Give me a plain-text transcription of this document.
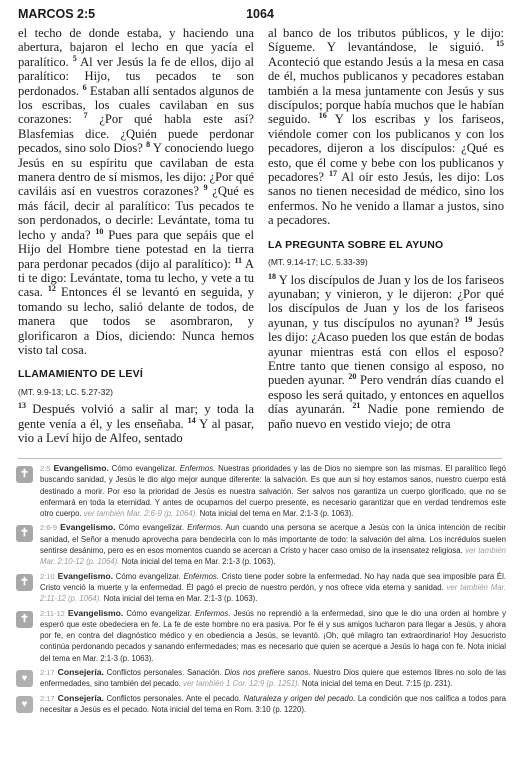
MARCOS 2:5	1064

el techo de donde estaba, y haciendo una abertura, bajaron el lecho en que yacía el paralítico. $^5$ Al ver Jesús la fe de ellos, dijo al paralítico: Hijo, tus pecados te son perdonados. $^6$ Estaban allí sentados algunos de los escribas, los cuales cavilaban en sus corazones: $^7$ ¿Por qué habla este así? Blasfemias dice. ¿Quién puede perdonar pecados, sino solo Dios? $^8$ Y conociendo luego Jesús en su espíritu que cavilaban de esta manera dentro de sí mismos, les dijo: ¿Por qué caviláis así en vuestros corazones? $^9$ ¿Qué es más fácil, decir al paralítico: Tus pecados te son perdonados, o decirle: Levántate, toma tu lecho y anda? $^{10}$ Pues para que sepáis que el Hijo del Hombre tiene potestad en la tierra para perdonar pecados (dijo al paralítico): $^{11}$ A ti te digo: Levántate, toma tu lecho, y vete a tu casa. $^{12}$ Entonces él se levantó en seguida, y tomando su lecho, salió delante de todos, de manera que todos se asombraron, y glorificaron a Dios, diciendo: Nunca hemos visto tal cosa.

LLAMAMIENTO DE LEVÍ
(MT. 9.9-13; LC. 5.27-32)

$^{13}$ Después volvió a salir al mar; y toda la gente venía a él, y les enseñaba. $^{14}$ Y al pasar, vio a Leví hijo de Alfeo, sentado

al banco de los tributos públicos, y le dijo: Sígueme. Y levantándose, le siguió. $^{15}$ Aconteció que estando Jesús a la mesa en casa de él, muchos publicanos y pecadores estaban también a la mesa juntamente con Jesús y sus discípulos; porque había muchos que le habían seguido. $^{16}$ Y los escribas y los fariseos, viéndole comer con los publicanos y con los pecadores, dijeron a los discípulos: ¿Qué es esto, que él come y bebe con los publicanos y pecadores? $^{17}$ Al oír esto Jesús, les dijo: Los sanos no tienen necesidad de médico, sino los enfermos. No he venido a llamar a justos, sino a pecadores.

LA PREGUNTA SOBRE EL AYUNO
(MT. 9.14-17; LC. 5.33-39)

$^{18}$ Y los discípulos de Juan y los de los fariseos ayunaban; y vinieron, y le dijeron: ¿Por qué los discípulos de Juan y los de los fariseos ayunan, y tus discípulos no ayunan? $^{19}$ Jesús les dijo: ¿Acaso pueden los que están de bodas ayunar mientras está con ellos el esposo? Entre tanto que tienen consigo al esposo, no pueden ayunar. $^{20}$ Pero vendrán días cuando el esposo les será quitado, y entonces en aquellos días ayunarán. $^{21}$ Nadie pone remiendo de paño nuevo en vestido viejo; de otra

✝	2:5 Evangelismo. Cómo evangelizar. Enfermos. Nuestras prioridades y las de Dios no siempre son las mismas. El paralítico llegó buscando sanidad, y Jesús le dio algo mejor aunque diferente: la salvación. Es que aun si hoy estamos sanos, nuestro cuerpo está destinado a morir. Por eso la prioridad de Jesús es nuestra salvación. Ser salvos nos garantiza un cuerpo glorificado, que no se enfermará en toda la eternidad. Y antes de ocuparnos del cuerpo presente, es necesario garantizar que en verdad tendremos este otro cuerpo. ver también Mar. 2:6-9 (p. 1064). Nota inicial del tema en Mar. 2:1-3 (p. 1063).
✝	2:6-9 Evangelismo. Cómo evangelizar. Enfermos. Aun cuando una persona se acerque a Jesús con la única intención de recibir sanidad, el Señor a menudo aprovecha para bendecirla con lo más importante de todo: la salvación del alma. Los incrédulos suelen sentirse desánimo, pero es en esos momentos cuando se acercan a Cristo y hacer caso omiso de la insensatez religiosa. ver también Mar. 2:10-12 (p. 1064). Nota inicial del tema en Mar. 2:1-3 (p. 1063).
✝	2:10 Evangelismo. Cómo evangelizar. Enfermos. Cristo tiene poder sobre la enfermedad. No hay nada que sea imposible para Él. Cristo venció la muerte y la enfermedad. Él pagó el precio de nuestro perdón, y nos ofrece vida eterna y sanidad. ver también Mar. 2:11-12 (p. 1064). Nota inicial del tema en Mar. 2:1-3 (p. 1063).
✝	2:11-12 Evangelismo. Cómo evangelizar. Enfermos. Jesús no reprendió a la enfermedad, sino que le dio una orden al hombre y esperó que este obedeciera en fe. La fe de este hombre no era pasiva. Por fe él y sus amigos lucharon para llegar a Jesús, y ahora por fe, en contra del diagnóstico médico y en obediencia a Jesús, se levantó. ¡Oh, qué milagro tan extraordinario! Hoy Jesucristo continúa perdonando pecados y sanando enfermedades; mas es necesario que quien se acerque a Jesús lo haga con fe. Nota inicial del tema en Mar. 2:1-3 (p. 1063).
♥
2:17 Consejería. Conflictos personales. Sanación. Dios nos prefiere sanos. Nuestro Dios quiere que estemos libres no solo de las enfermedades, sino también del pecado. ver también 1 Cor. 12:9 (p. 1251). Nota inicial del tema en Deut. 7:15 (p. 231).
♥
2:17 Consejería. Conflictos personales. Ante el pecado. Naturaleza y origen del pecado. La condición que nos califica a todos para necesitar a Jesús es el pecado. Nota inicial del tema en Rom. 3:10 (p. 1220).
